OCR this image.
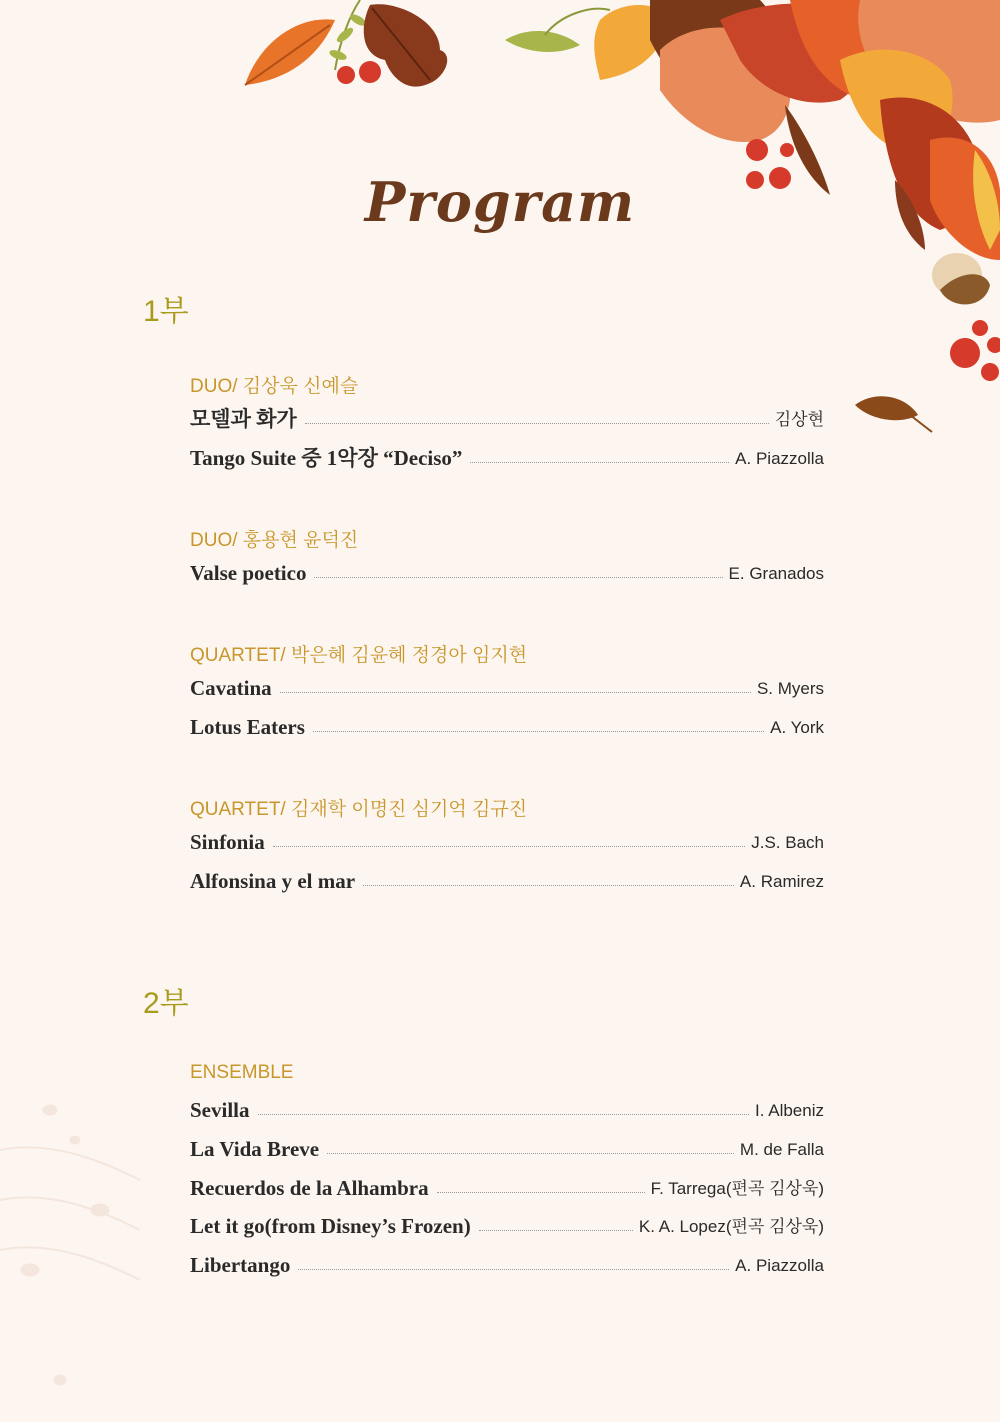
Program
1부
DUO/ 김상욱 신예슬
모델과 화가	김상현
Tango Suite 중 1악장 “Deciso”	A. Piazzolla
DUO/ 홍용현 윤덕진
Valse poetico	E. Granados
QUARTET/ 박은혜 김윤혜 정경아 임지현
Cavatina	S. Myers
Lotus Eaters	A. York
QUARTET/ 김재학 이명진 심기억 김규진
Sinfonia	J.S. Bach
Alfonsina y el mar	A. Ramirez
2부
ENSEMBLE
Sevilla	I. Albeniz
La Vida Breve	M. de Falla
Recuerdos de la Alhambra	F. Tarrega(편곡 김상욱)
Let it go(from Disney’s Frozen)	K. A. Lopez(편곡 김상욱)
Libertango	A. Piazzolla
